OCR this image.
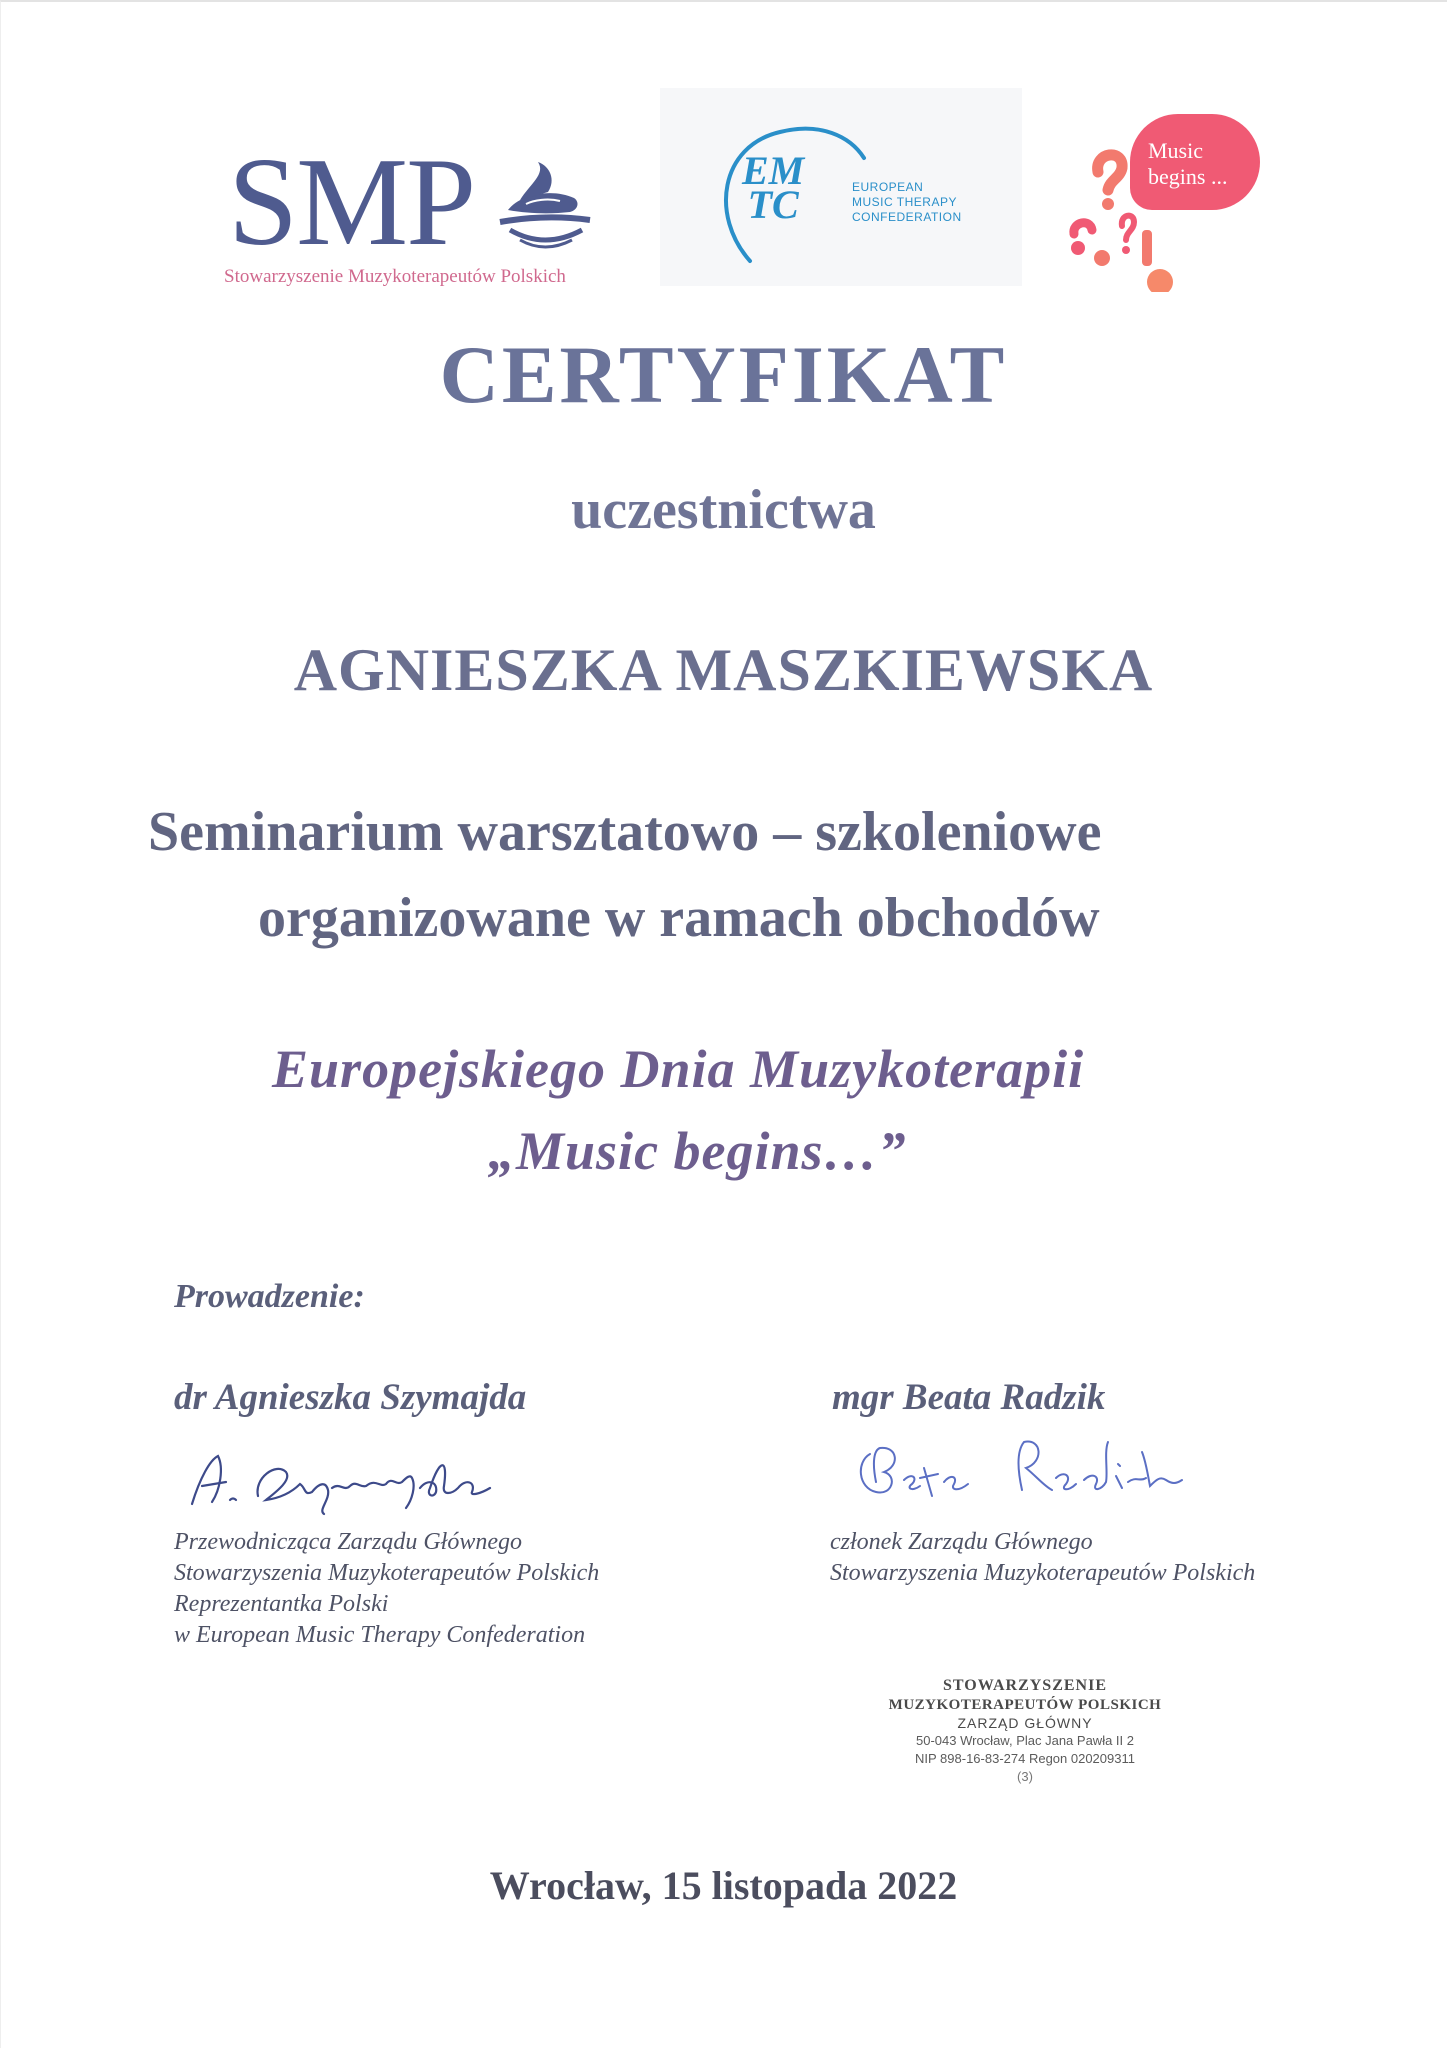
SMP
Stowarzyszenie Muzykoterapeutów Polskich
EM
TC	EUROPEAN
MUSIC THERAPY
CONFEDERATION
Music
begins ...
CERTYFIKAT
uczestnictwa
AGNIESZKA MASZKIEWSKA
Seminarium warsztatowo – szkoleniowe
organizowane w ramach obchodów
Europejskiego Dnia Muzykoterapii
„Music begins…”
Prowadzenie:
dr Agnieszka Szymajda	mgr Beata Radzik
Przewodnicząca Zarządu Głównego
Stowarzyszenia Muzykoterapeutów Polskich
Reprezentantka Polski
w European Music Therapy Confederation
członek Zarządu Głównego
Stowarzyszenia Muzykoterapeutów Polskich
STOWARZYSZENIE
MUZYKOTERAPEUTÓW POLSKICH
ZARZĄD GŁÓWNY
50-043 Wrocław, Plac Jana Pawła II 2
NIP 898-16-83-274 Regon 020209311
(3)
Wrocław, 15 listopada 2022
